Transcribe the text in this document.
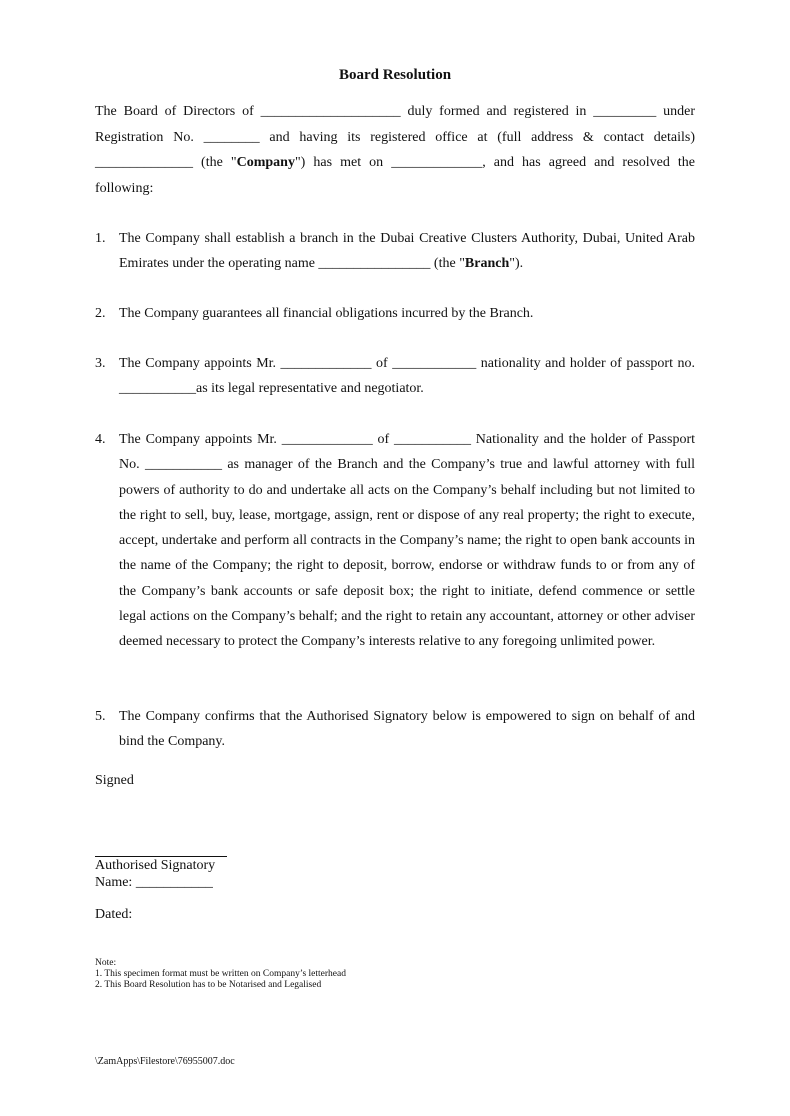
Board Resolution

The Board of Directors of ____________________ duly formed and registered in _________ under Registration No. ________ and having its registered office at (full address & contact details) ______________ (the "Company") has met on _____________, and has agreed and resolved the following:

1. The Company shall establish a branch in the Dubai Creative Clusters Authority, Dubai, United Arab Emirates under the operating name ________________ (the "Branch").
2. The Company guarantees all financial obligations incurred by the Branch.
3. The Company appoints Mr. _____________ of ____________ nationality and holder of passport no. ___________as its legal representative and negotiator.
4. The Company appoints Mr. _____________ of ___________ Nationality and the holder of Passport No. ___________ as manager of the Branch and the Company’s true and lawful attorney with full powers of authority to do and undertake all acts on the Company’s behalf including but not limited to the right to sell, buy, lease, mortgage, assign, rent or dispose of any real property; the right to execute, accept, undertake and perform all contracts in the Company’s name; the right to open bank accounts in the name of the Company; the right to deposit, borrow, endorse or withdraw funds to or from any of the Company’s bank accounts or safe deposit box; the right to initiate, defend commence or settle legal actions on the Company’s behalf; and the right to retain any accountant, attorney or other adviser deemed necessary to protect the Company’s interests relative to any foregoing unlimited power.
5. The Company confirms that the Authorised Signatory below is empowered to sign on behalf of and bind the Company.
Signed
Authorised Signatory
Name: ___________
Dated:
Note:
1. This specimen format must be written on Company’s letterhead
2. This Board Resolution has to be Notarised and Legalised
\ZamApps\Filestore\76955007.doc
